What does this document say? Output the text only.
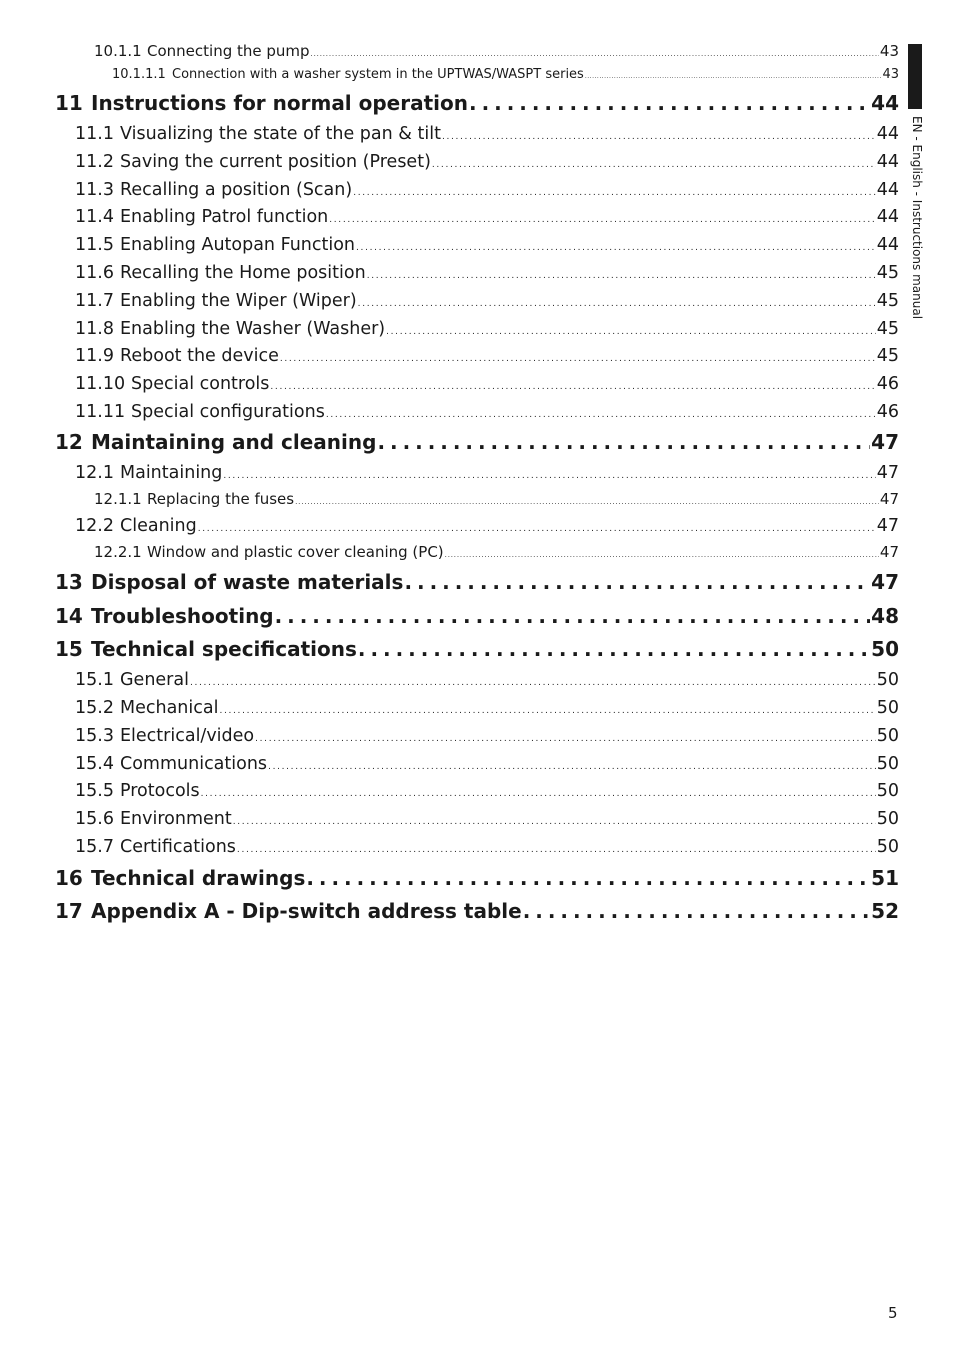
10.1.1 Connecting the pump . . .	43
10.1.1.1 Connection with a washer system in the UPTWAS/WASPT series . . .	43
11 Instructions for normal operation . . .	44
11.1 Visualizing the state of the pan & tilt . . .	44
11.2 Saving the current position (Preset) . . .	44
11.3 Recalling a position (Scan) . . .	44
11.4 Enabling Patrol function . . .	44
11.5 Enabling Autopan Function . . .	44
11.6 Recalling the Home position . . .	45
11.7 Enabling the Wiper (Wiper) . . .	45
11.8 Enabling the Washer (Washer) . . .	45
11.9 Reboot the device . . .	45
11.10 Special controls . . .	46
11.11 Special configurations . . .	46
12 Maintaining and cleaning . . .	47
12.1 Maintaining . . .	47
12.1.1 Replacing the fuses . . .	47
12.2 Cleaning . . .	47
12.2.1 Window and plastic cover cleaning (PC) . . .	47
13 Disposal of waste materials . . .	47
14 Troubleshooting . . .	48
15 Technical specifications . . .	50
15.1 General . . .	50
15.2 Mechanical . . .	50
15.3 Electrical/video . . .	50
15.4 Communications . . .	50
15.5 Protocols . . .	50
15.6 Environment . . .	50
15.7 Certifications . . .	50
16 Technical drawings . . .	51
17 Appendix A - Dip-switch address table . . .	52
EN - English - Instructions manual
5
